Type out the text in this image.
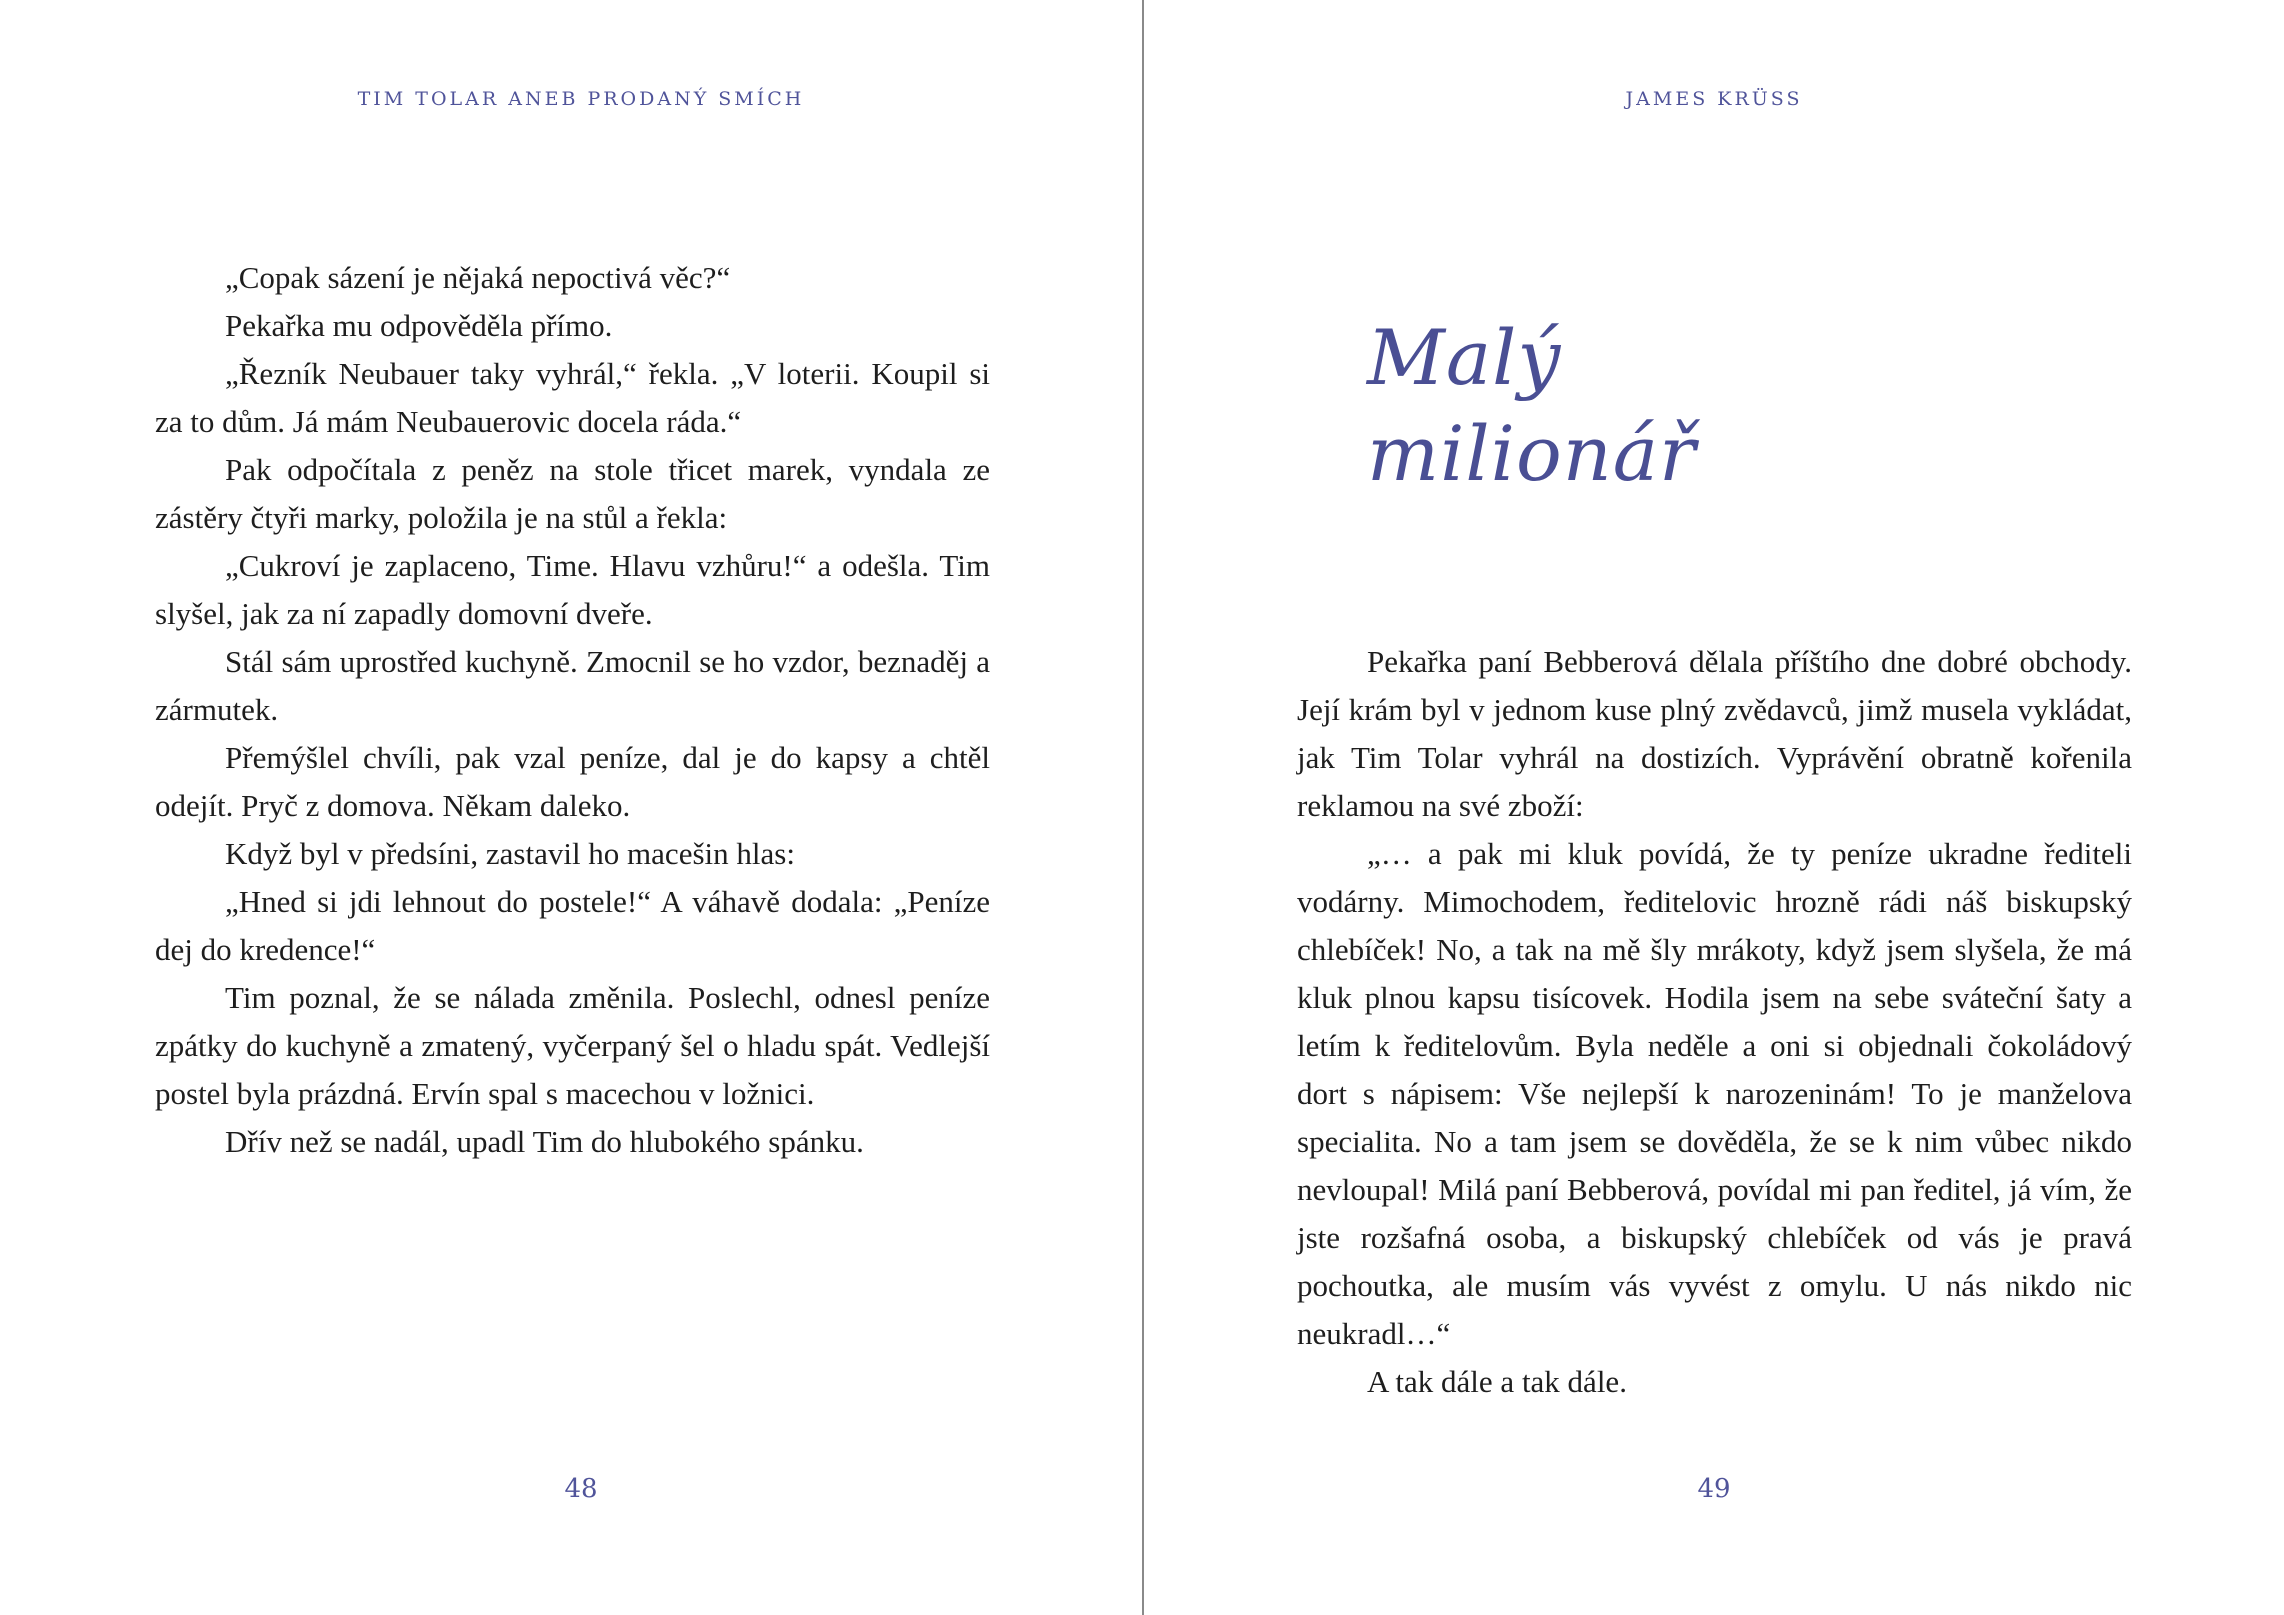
TIM TOLAR ANEB PRODANÝ SMÍCH

„Copak sázení je nějaká nepoctivá věc?“

Pekařka mu odpověděla přímo.

„Řezník Neubauer taky vyhrál,“ řekla. „V loterii. Koupil si za to dům. Já mám Neubauerovic docela ráda.“

Pak odpočítala z peněz na stole třicet marek, vyndala ze zástěry čtyři marky, položila je na stůl a řekla:

„Cukroví je zaplaceno, Time. Hlavu vzhůru!“ a odešla. Tim slyšel, jak za ní zapadly domovní dveře.

Stál sám uprostřed kuchyně. Zmocnil se ho vzdor, beznaděj a zármutek.

Přemýšlel chvíli, pak vzal peníze, dal je do kapsy a chtěl odejít. Pryč z domova. Někam daleko.

Když byl v předsíni, zastavil ho macešin hlas:

„Hned si jdi lehnout do postele!“ A váhavě dodala: „Peníze dej do kredence!“

Tim poznal, že se nálada změnila. Poslechl, odnesl peníze zpátky do kuchyně a zmatený, vyčerpaný šel o hladu spát. Vedlejší postel byla prázdná. Ervín spal s macechou v ložnici.

Dřív než se nadál, upadl Tim do hlubokého spánku.

48
JAMES KRÜSS
Malý
milionář

Pekařka paní Bebberová dělala příštího dne dobré obchody. Její krám byl v jednom kuse plný zvědavců, jimž musela vykládat, jak Tim Tolar vyhrál na dostizích. Vyprávění obratně kořenila reklamou na své zboží:

„… a pak mi kluk povídá, že ty peníze ukradne řediteli vodárny. Mimochodem, ředitelovic hrozně rádi náš biskupský chlebíček! No, a tak na mě šly mrákoty, když jsem slyšela, že má kluk plnou kapsu tisícovek. Hodila jsem na sebe sváteční šaty a letím k ředitelovům. Byla neděle a oni si objednali čokoládový dort s nápisem: Vše nejlepší k narozeninám! To je manželova specialita. No a tam jsem se dověděla, že se k nim vůbec nikdo nevloupal! Milá paní Bebberová, povídal mi pan ředitel, já vím, že jste rozšafná osoba, a biskupský chlebíček od vás je pravá pochoutka, ale musím vás vyvést z omylu. U nás nikdo nic neukradl…“

A tak dále a tak dále.

49
